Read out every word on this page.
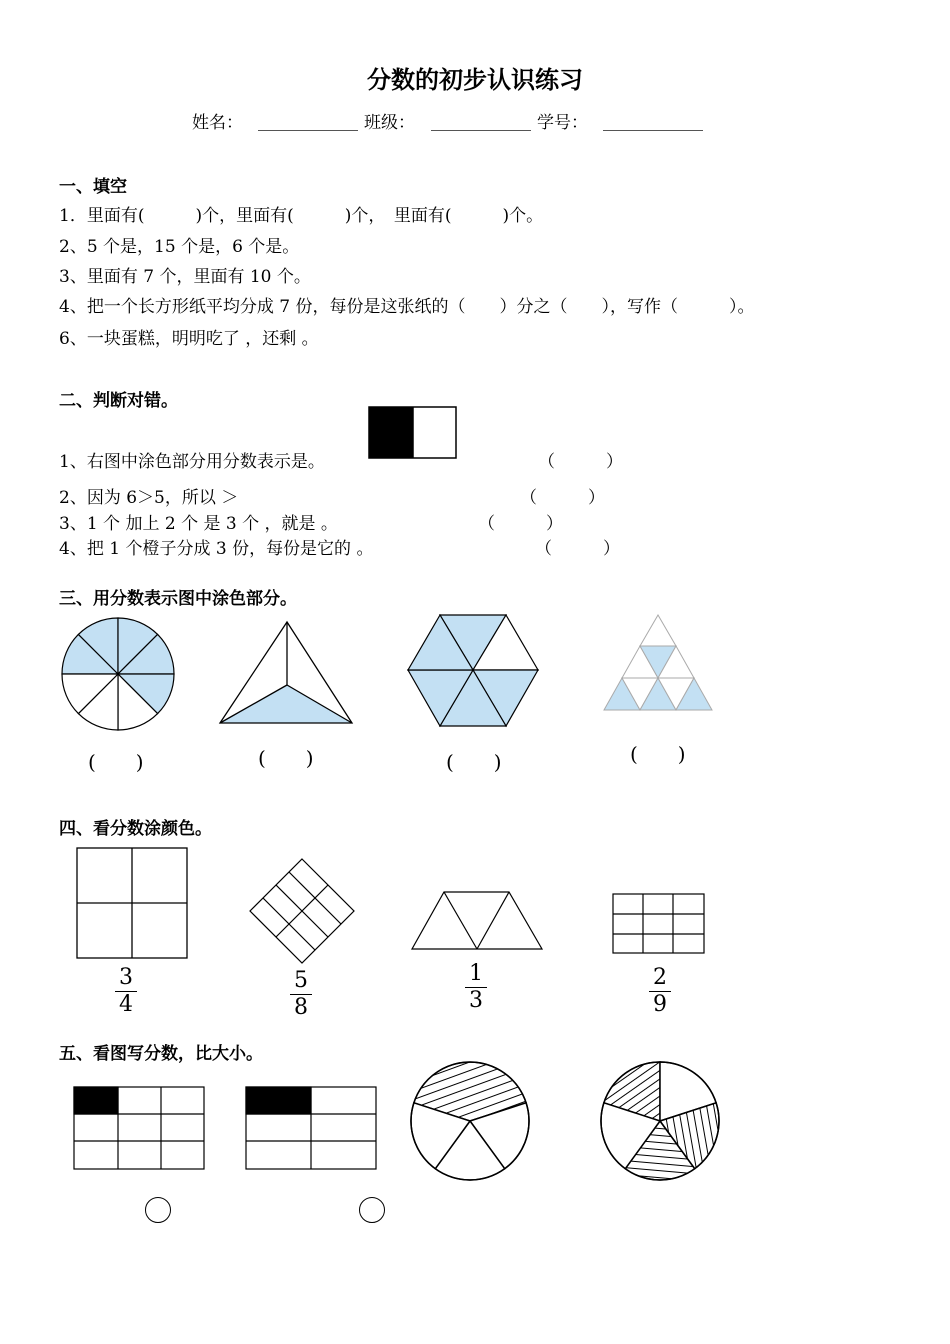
分数的初步认识练习
姓名：	班级：	学号：
一、填空
1．里面有(　　　)个，里面有(　　　)个，　里面有(　　　)个。
2、5 个是，15 个是，6 个是。
3、里面有 7 个，里面有 10 个。
4、把一个长方形纸平均分成 7 份，每份是这张纸的（　　）分之（　　），写作（　　　）。
6、一块蛋糕，明明吃了 ，还剩 。
二、判断对错。
1、右图中涂色部分用分数表示是。	（　　　）
2、因为 6＞5，所以 ＞	（　　　）
3、1 个 加上 2 个 是 3 个 ，就是 。	（　　　）
4、把 1 个橙子分成 3 份，每份是它的 。	（　　　）
三、用分数表示图中涂色部分。
(　　)	(　　)	(　　)	(　　)
四、看分数涂颜色。
3
4
5
8
1
3
2
9
五、看图写分数，比大小。
